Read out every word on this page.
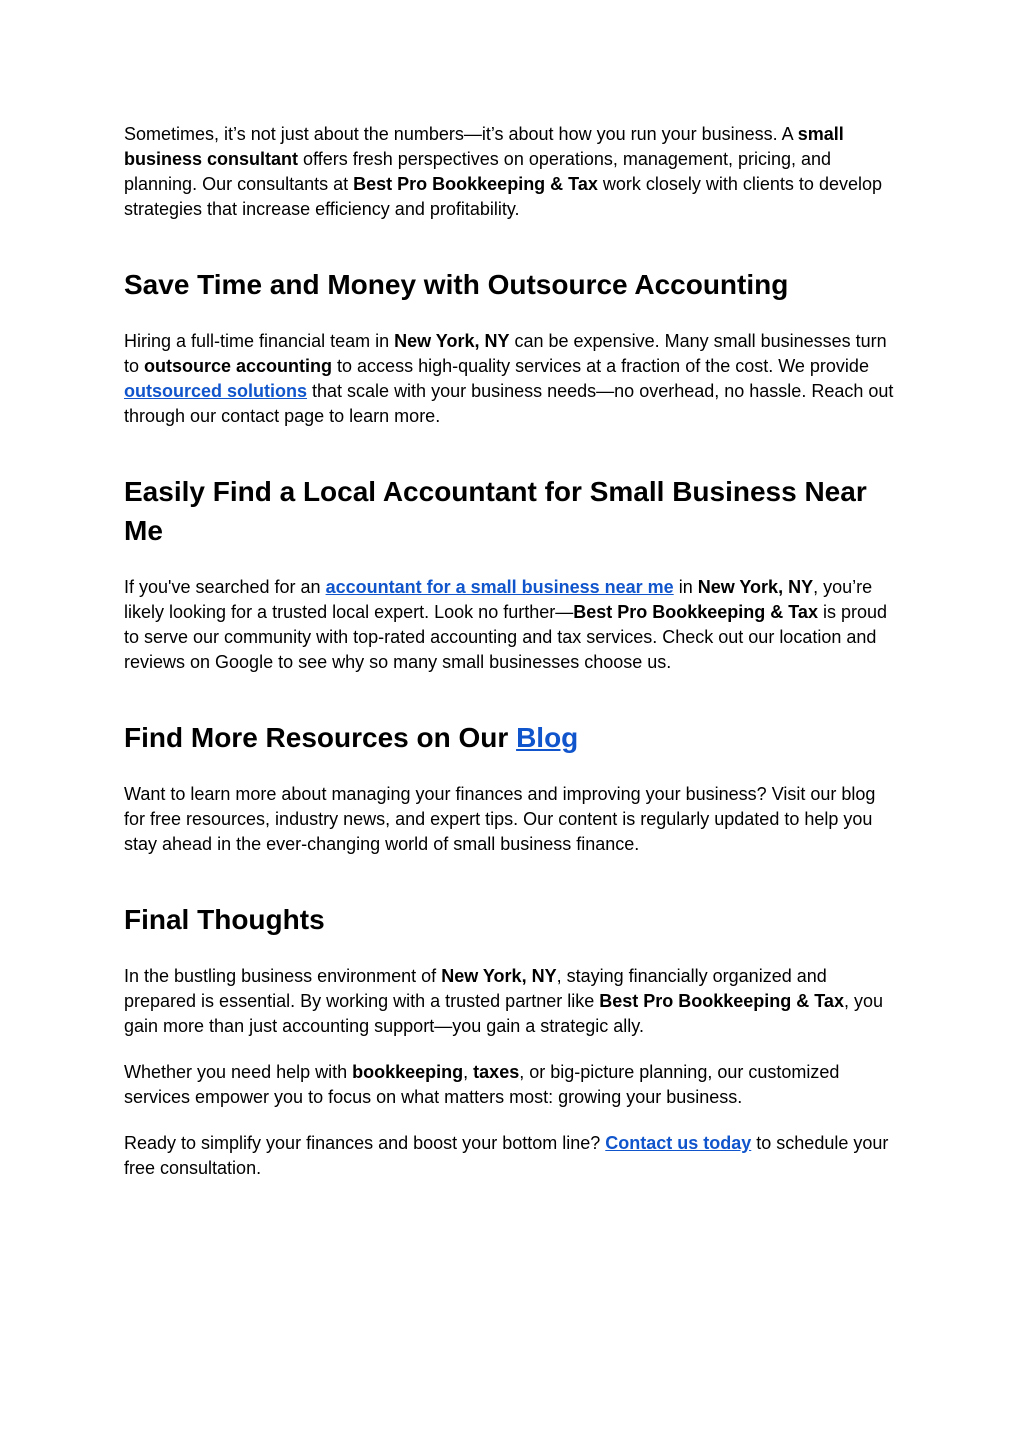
Sometimes, it’s not just about the numbers—it’s about how you run your business. A small business consultant offers fresh perspectives on operations, management, pricing, and planning. Our consultants at Best Pro Bookkeeping & Tax work closely with clients to develop strategies that increase efficiency and profitability.

Save Time and Money with Outsource Accounting

Hiring a full-time financial team in New York, NY can be expensive. Many small businesses turn to outsource accounting to access high-quality services at a fraction of the cost. We provide outsourced solutions that scale with your business needs—no overhead, no hassle. Reach out through our contact page to learn more.

Easily Find a Local Accountant for Small Business Near Me

If you've searched for an accountant for a small business near me in New York, NY, you’re likely looking for a trusted local expert. Look no further—Best Pro Bookkeeping & Tax is proud to serve our community with top-rated accounting and tax services. Check out our location and reviews on Google to see why so many small businesses choose us.

Find More Resources on Our Blog

Want to learn more about managing your finances and improving your business? Visit our blog for free resources, industry news, and expert tips. Our content is regularly updated to help you stay ahead in the ever-changing world of small business finance.

Final Thoughts

In the bustling business environment of New York, NY, staying financially organized and prepared is essential. By working with a trusted partner like Best Pro Bookkeeping & Tax, you gain more than just accounting support—you gain a strategic ally.

Whether you need help with bookkeeping, taxes, or big-picture planning, our customized services empower you to focus on what matters most: growing your business.

Ready to simplify your finances and boost your bottom line? Contact us today to schedule your free consultation.
